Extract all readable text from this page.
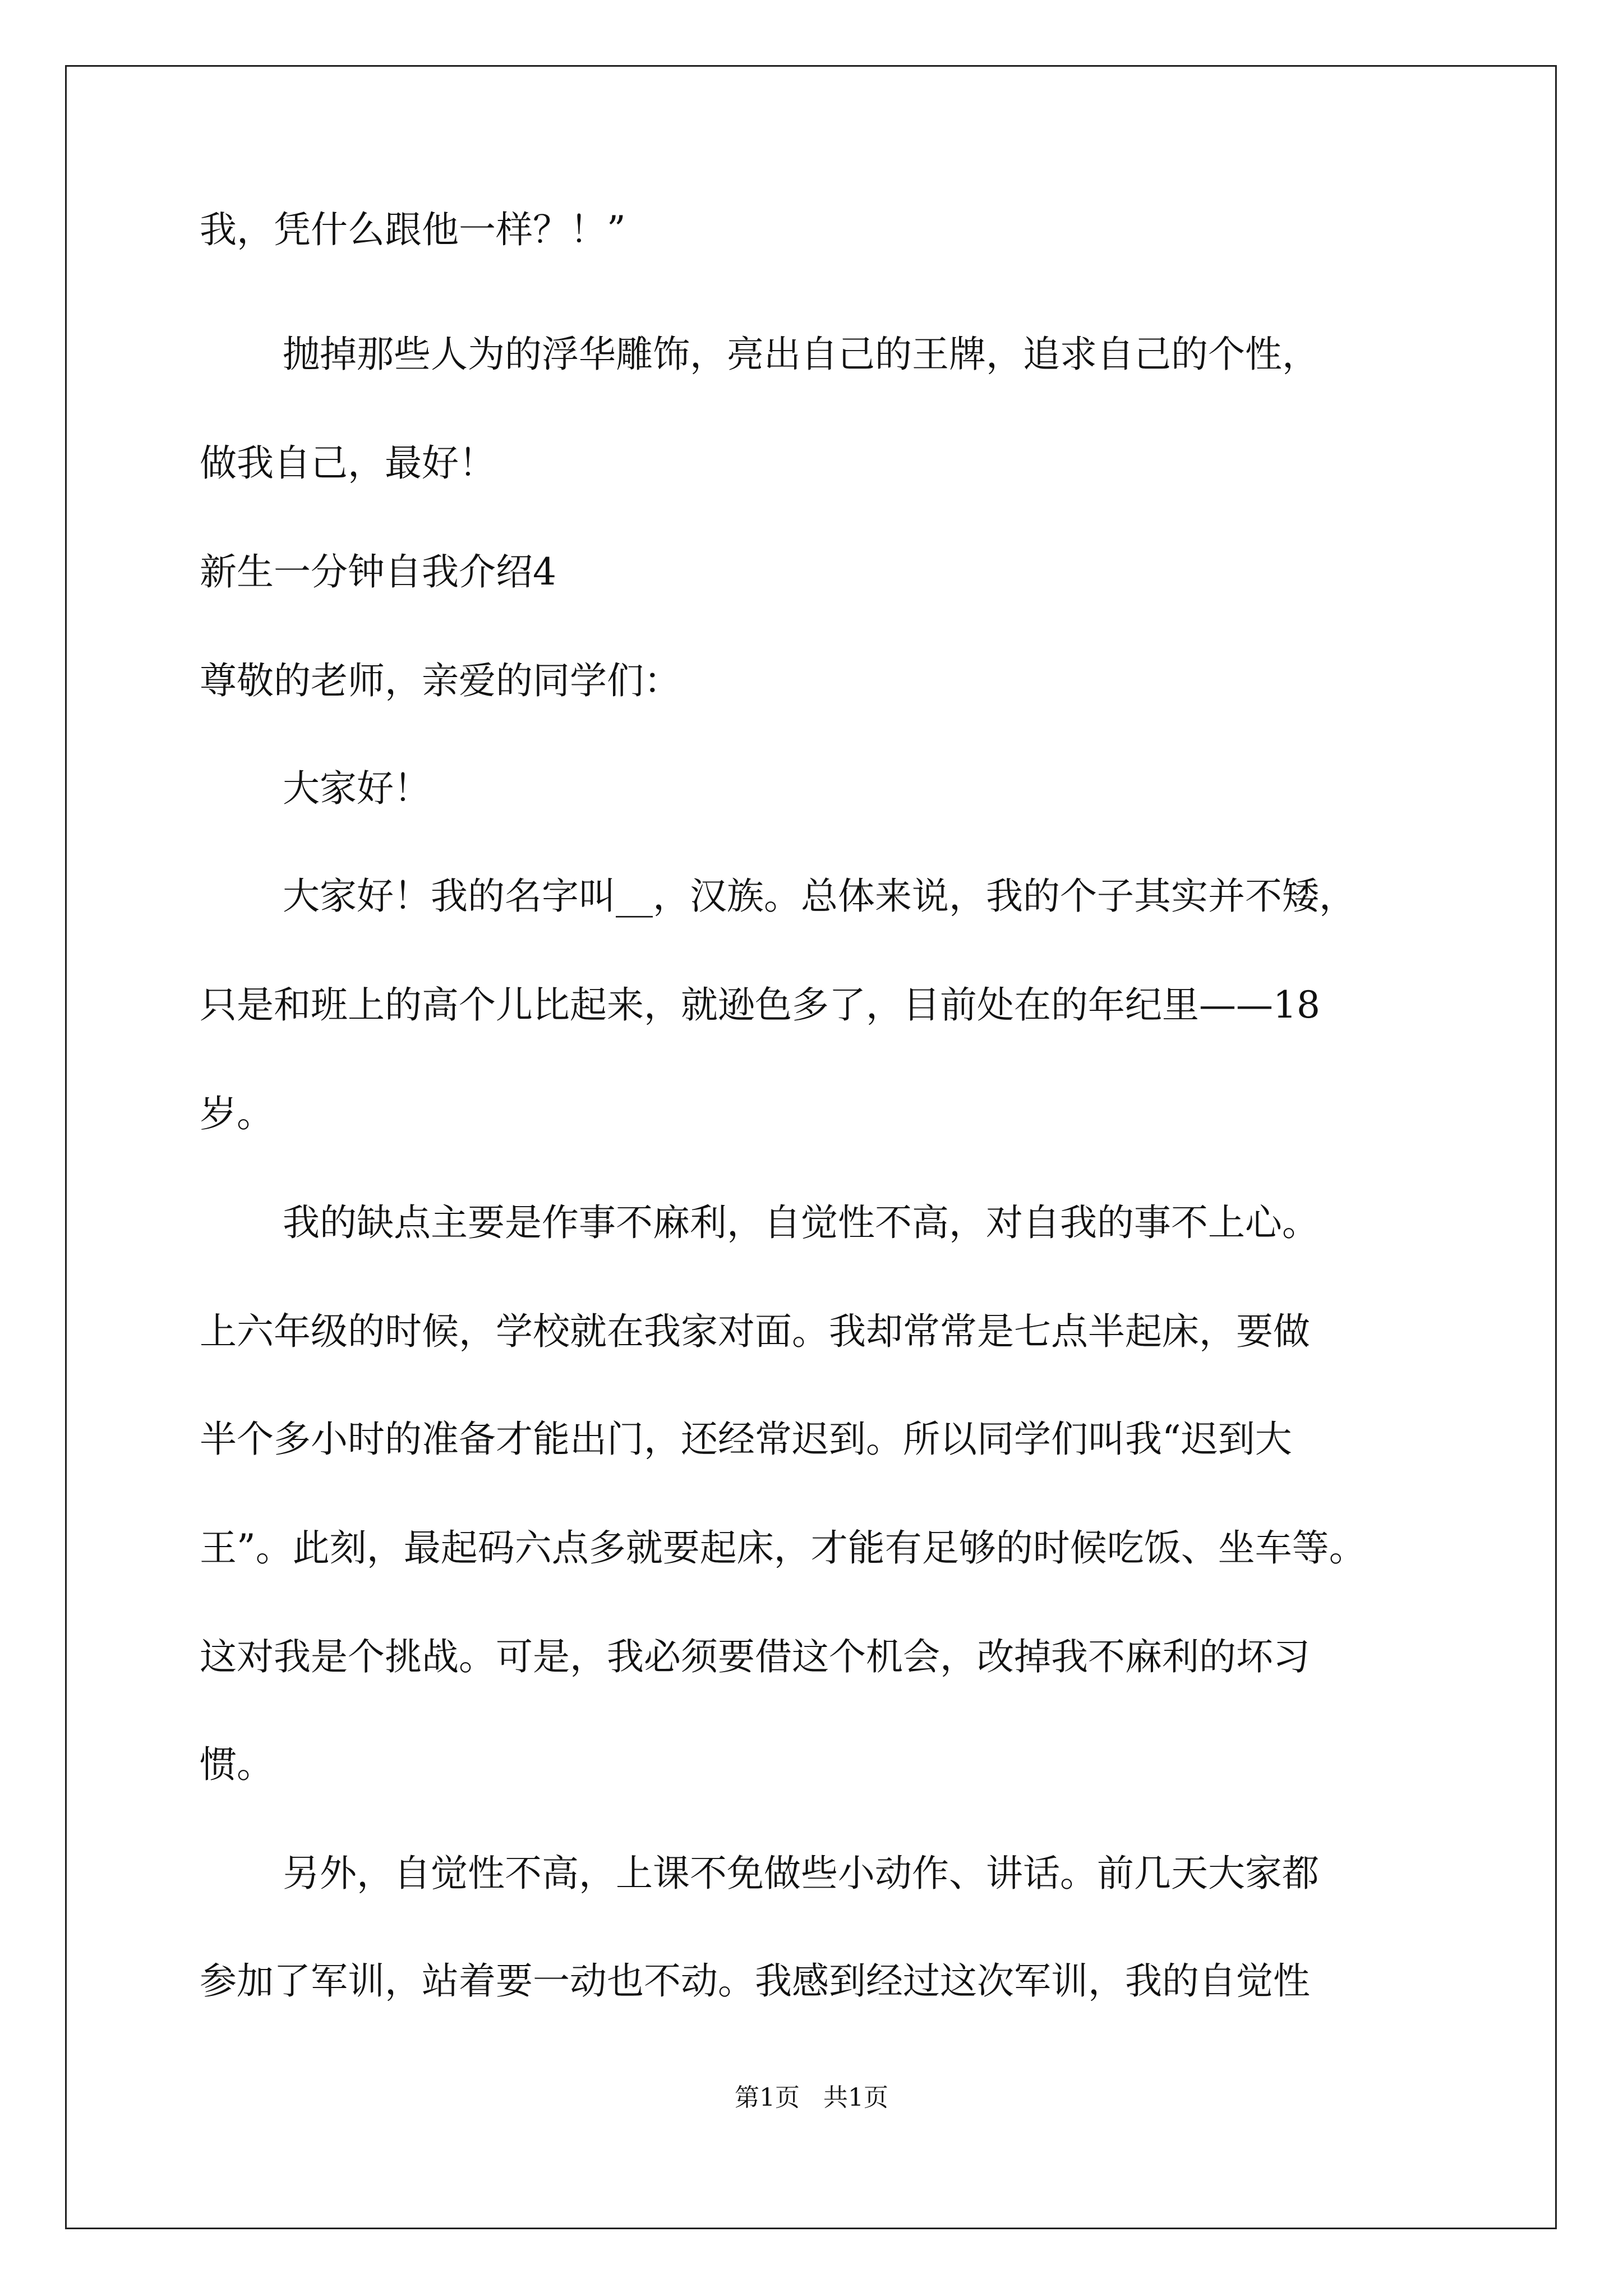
我，凭什么跟他一样？！”
抛掉那些人为的浮华雕饰，亮出自己的王牌，追求自己的个性，
做我自己，最好！
新生一分钟自我介绍4
尊敬的老师，亲爱的同学们：
大家好！
大家好！我的名字叫__，汉族。总体来说，我的个子其实并不矮，
只是和班上的高个儿比起来，就逊色多了，目前处在的年纪里——18
岁。
我的缺点主要是作事不麻利，自觉性不高，对自我的事不上心。
上六年级的时候，学校就在我家对面。我却常常是七点半起床，要做
半个多小时的准备才能出门，还经常迟到。所以同学们叫我“迟到大
王”。此刻，最起码六点多就要起床，才能有足够的时候吃饭、坐车等。
这对我是个挑战。可是，我必须要借这个机会，改掉我不麻利的坏习
惯。
另外，自觉性不高，上课不免做些小动作、讲话。前几天大家都
参加了军训，站着要一动也不动。我感到经过这次军训，我的自觉性
第1页   共1页
